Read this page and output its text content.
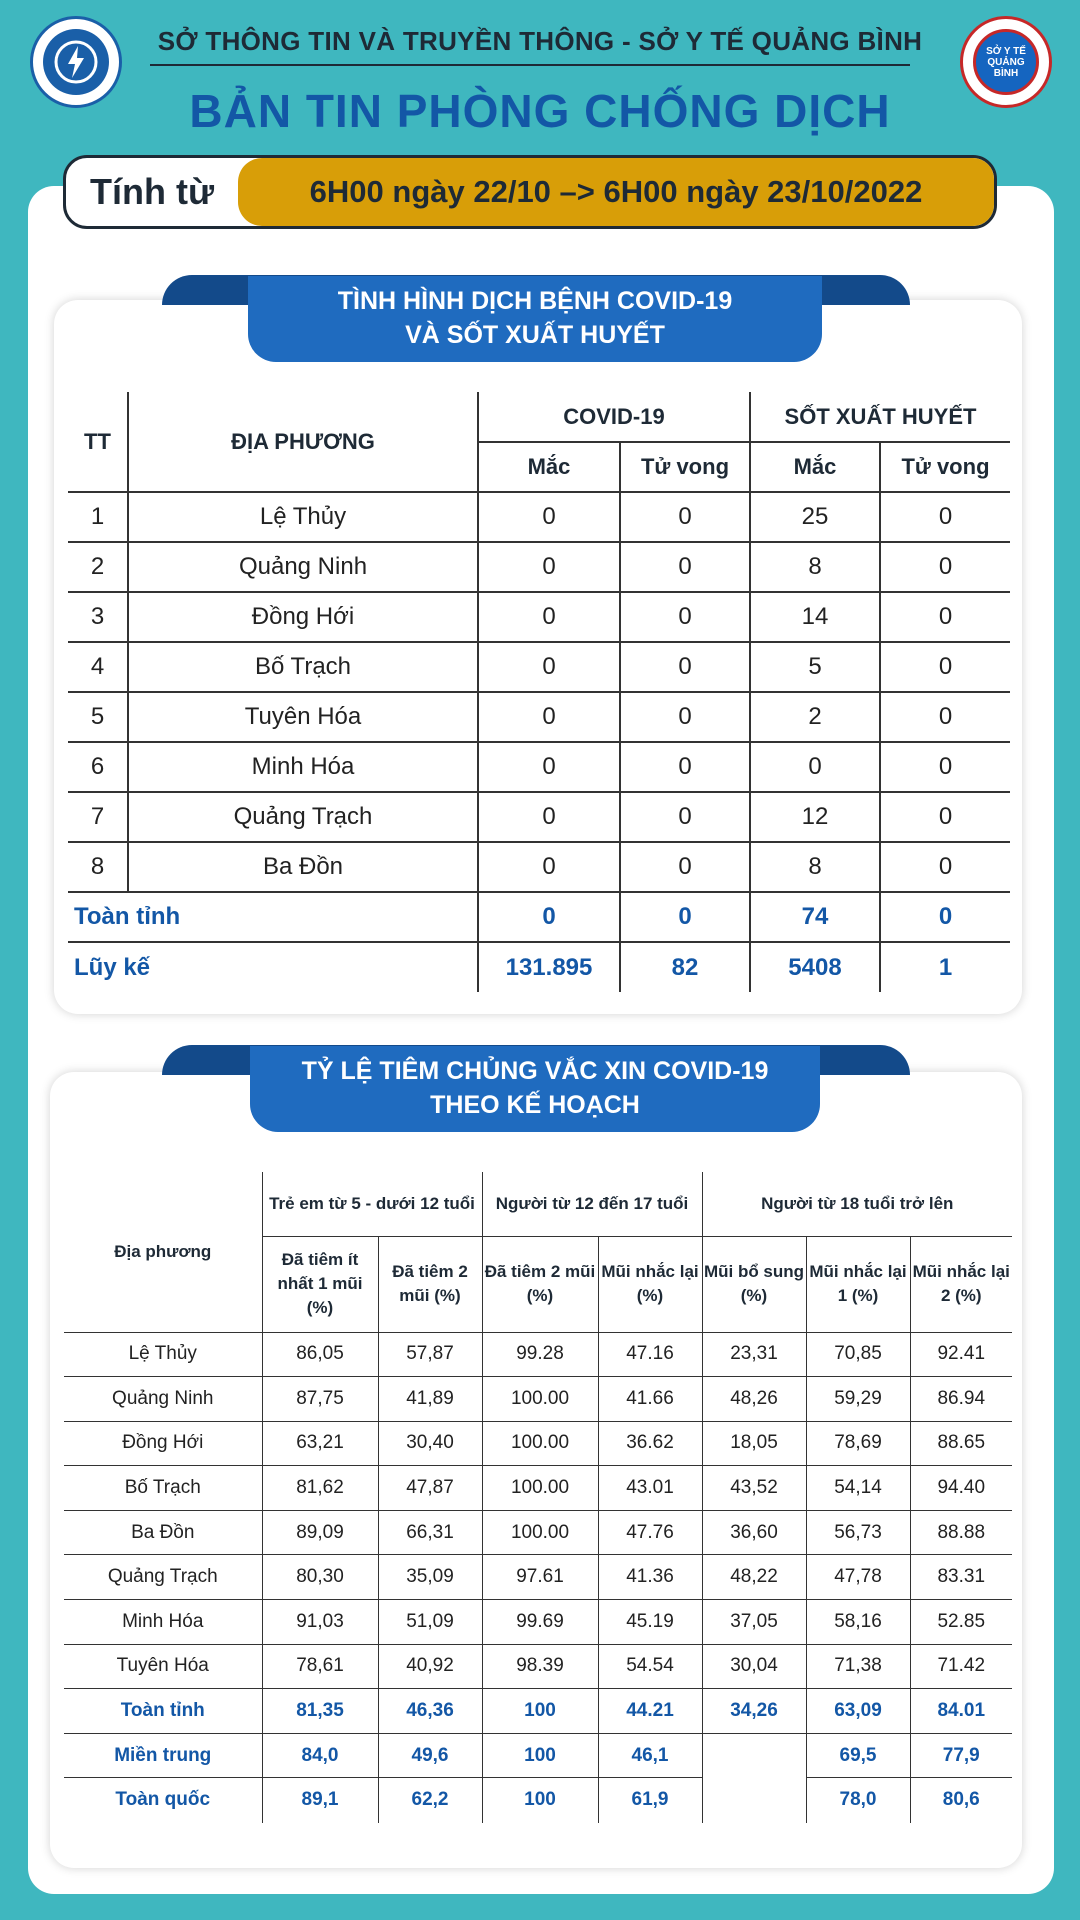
SỞ Y TẾ QUẢNG BÌNH
SỞ THÔNG TIN VÀ TRUYỀN THÔNG - SỞ Y TẾ QUẢNG BÌNH
BẢN TIN PHÒNG CHỐNG DỊCH
Tính từ	6H00 ngày 22/10 –> 6H00 ngày 23/10/2022
TÌNH HÌNH DỊCH BỆNH COVID-19
VÀ SỐT XUẤT HUYẾT
TT	ĐỊA PHƯƠNG	COVID-19		SỐT XUẤT HUYẾT	
		Mắc	Tử vong	Mắc	Tử vong
1	Lệ Thủy	0	0	25	0
2	Quảng Ninh	0	0	8	0
3	Đồng Hới	0	0	14	0
4	Bố Trạch	0	0	5	0
5	Tuyên Hóa	0	0	2	0
6	Minh Hóa	0	0	0	0
7	Quảng Trạch	0	0	12	0
8	Ba Đồn	0	0	8	0
Toàn tỉnh		0	0	74	0
Lũy kế		131.895	82	5408	1
TỶ LỆ TIÊM CHỦNG VẮC XIN COVID-19
THEO KẾ HOẠCH
Địa phương	Trẻ em từ 5 - dưới 12 tuổi		Người từ 12 đến 17 tuổi		Người từ 18 tuổi trở lên		
	Đã tiêm ít nhất 1 mũi (%)	Đã tiêm 2 mũi (%)	Đã tiêm 2 mũi (%)	Mũi nhắc lại (%)	Mũi bổ sung (%)	Mũi nhắc lại 1 (%)	Mũi nhắc lại 2 (%)
Lệ Thủy	86,05	57,87	99.28	47.16	23,31	70,85	92.41
Quảng Ninh	87,75	41,89	100.00	41.66	48,26	59,29	86.94
Đồng Hới	63,21	30,40	100.00	36.62	18,05	78,69	88.65
Bố Trạch	81,62	47,87	100.00	43.01	43,52	54,14	94.40
Ba Đồn	89,09	66,31	100.00	47.76	36,60	56,73	88.88
Quảng Trạch	80,30	35,09	97.61	41.36	48,22	47,78	83.31
Minh Hóa	91,03	51,09	99.69	45.19	37,05	58,16	52.85
Tuyên Hóa	78,61	40,92	98.39	54.54	30,04	71,38	71.42
Toàn tỉnh	81,35	46,36	100	44.21	34,26	63,09	84.01
Miền trung	84,0	49,6	100	46,1		69,5	77,9
Toàn quốc	89,1	62,2	100	61,9		78,0	80,6
